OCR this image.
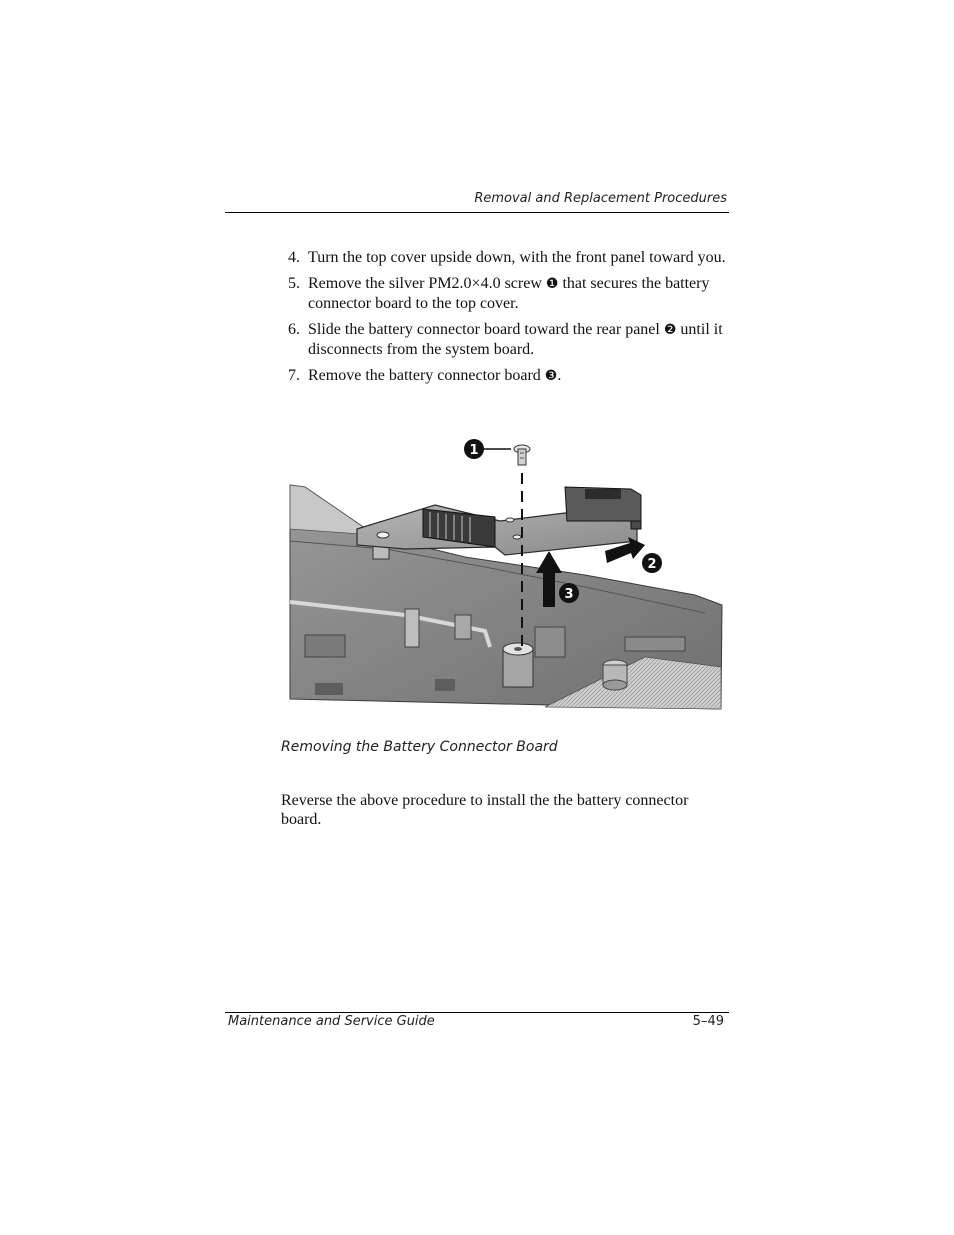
Removal and Replacement Procedures
4. Turn the top cover upside down, with the front panel toward you.
5. Remove the silver PM2.0×4.0 screw ❶ that secures the battery connector board to the top cover.
6. Slide the battery connector board toward the rear panel ❷ until it disconnects from the system board.
7. Remove the battery connector board ❸.
1
2
3
Removing the Battery Connector Board
Reverse the above procedure to install the the battery connector board.
Maintenance and Service Guide	5–49
